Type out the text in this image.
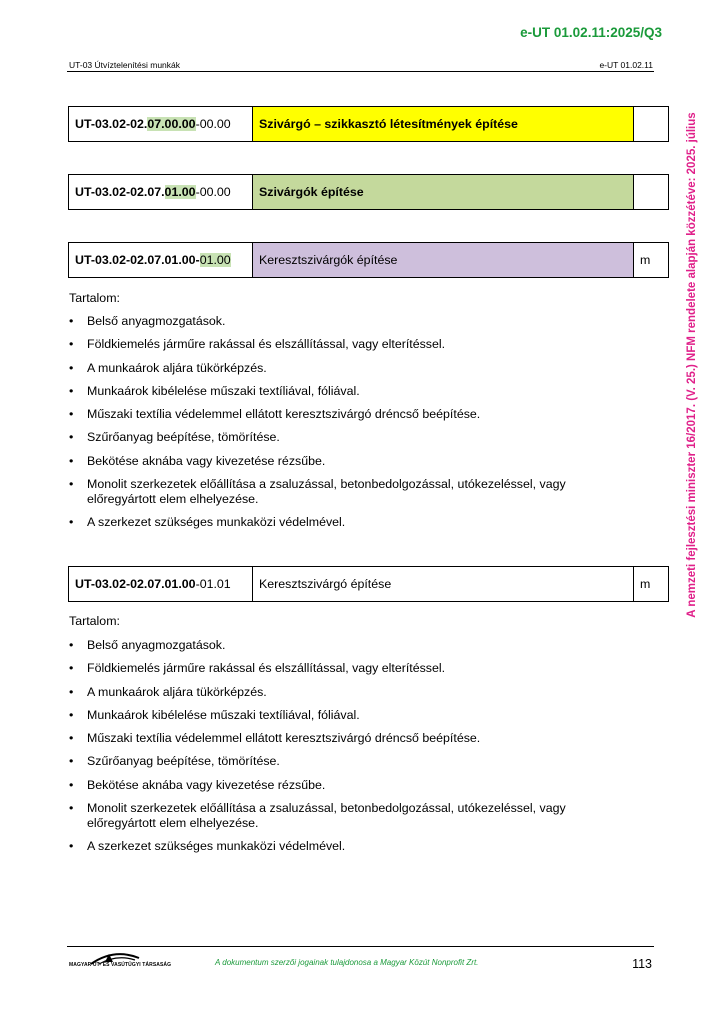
e-UT 01.02.11:2025/Q3
UT-03 Útvíztelenítési munkák	e-UT 01.02.11
A nemzeti fejlesztési miniszter 16/2017. (V. 25.) NFM rendelete alapján közzétéve: 2025. július
UT-03.02-02.07.00.00-00.00	Szivárgó – szikkasztó létesítmények építése	
UT-03.02-02.07.01.00-00.00	Szivárgók építése	
UT-03.02-02.07.01.00-01.00	Keresztszivárgók építése	m
Tartalom:
• Belső anyagmozgatások.
• Földkiemelés járműre rakással és elszállítással, vagy elterítéssel.
• A munkaárok aljára tükörképzés.
• Munkaárok kibélelése műszaki textíliával, fóliával.
• Műszaki textília védelemmel ellátott keresztszivárgó dréncső beépítése.
• Szűrőanyag beépítése, tömörítése.
• Bekötése aknába vagy kivezetése rézsűbe.
• Monolit szerkezetek előállítása a zsaluzással, betonbedolgozással, utókezeléssel, vagy előregyártott elem elhelyezése.
• A szerkezet szükséges munkaközi védelmével.
UT-03.02-02.07.01.00-01.01	Keresztszivárgó építése	m
Tartalom:
• Belső anyagmozgatások.
• Földkiemelés járműre rakással és elszállítással, vagy elterítéssel.
• A munkaárok aljára tükörképzés.
• Munkaárok kibélelése műszaki textíliával, fóliával.
• Műszaki textília védelemmel ellátott keresztszivárgó dréncső beépítése.
• Szűrőanyag beépítése, tömörítése.
• Bekötése aknába vagy kivezetése rézsűbe.
• Monolit szerkezetek előállítása a zsaluzással, betonbedolgozással, utókezeléssel, vagy előregyártott elem elhelyezése.
• A szerkezet szükséges munkaközi védelmével.
MAGYAR ÚT- ÉS VASÚTÜGYI TÁRSASÁG	A dokumentum szerzői jogainak tulajdonosa a Magyar Közút Nonprofit Zrt.	113
